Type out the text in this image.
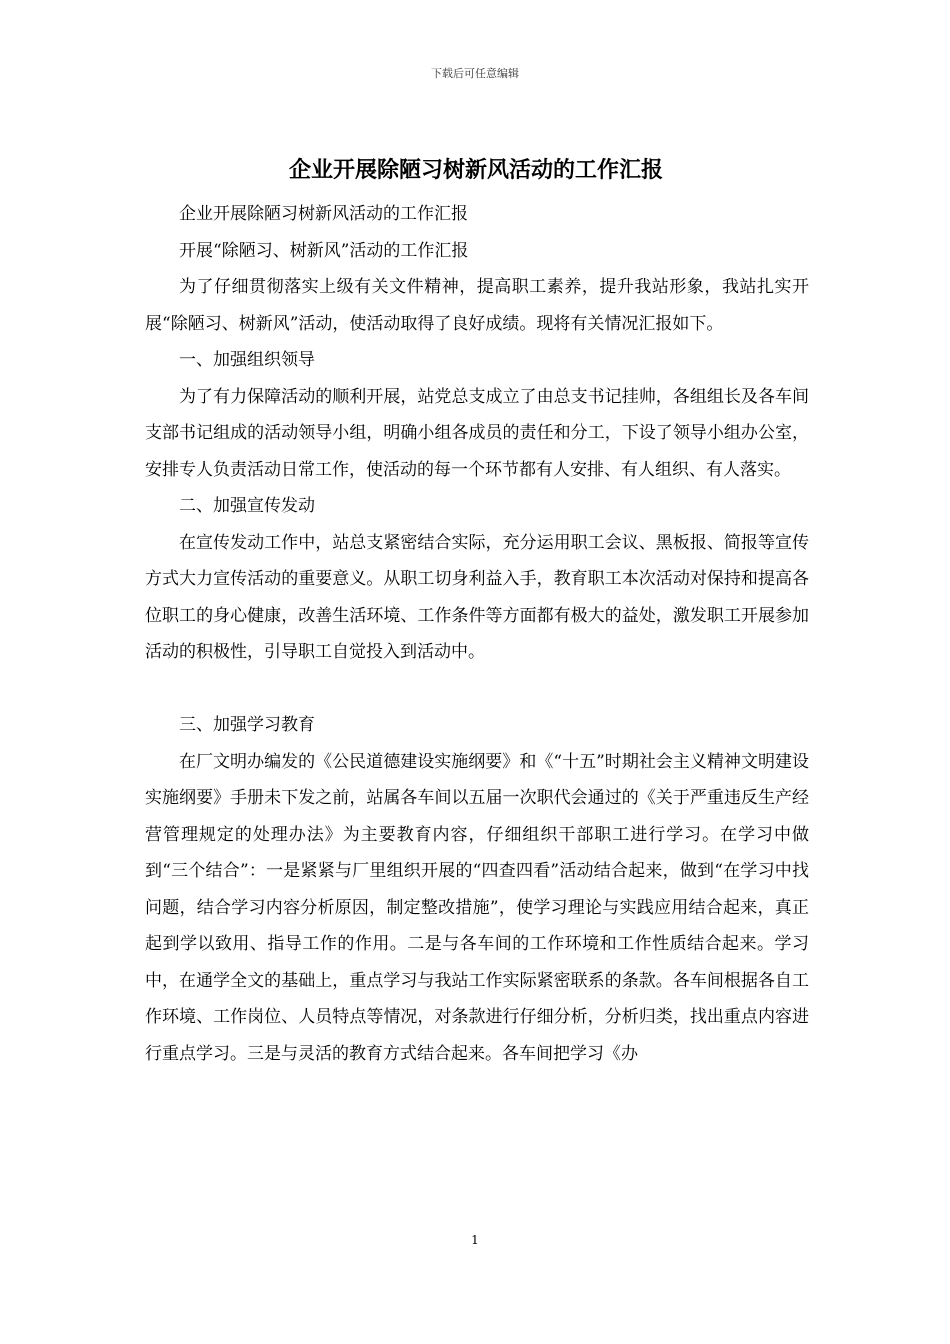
下载后可任意编辑
企业开展除陋习树新风活动的工作汇报

企业开展除陋习树新风活动的工作汇报

开展“除陋习、树新风”活动的工作汇报

为了仔细贯彻落实上级有关文件精神，提高职工素养，提升我站形象，我站扎实开展“除陋习、树新风”活动，使活动取得了良好成绩。现将有关情况汇报如下。

一、加强组织领导

为了有力保障活动的顺利开展，站党总支成立了由总支书记挂帅，各组组长及各车间支部书记组成的活动领导小组，明确小组各成员的责任和分工，下设了领导小组办公室，安排专人负责活动日常工作，使活动的每一个环节都有人安排、有人组织、有人落实。

二、加强宣传发动

在宣传发动工作中，站总支紧密结合实际，充分运用职工会议、黑板报、简报等宣传方式大力宣传活动的重要意义。从职工切身利益入手，教育职工本次活动对保持和提高各位职工的身心健康，改善生活环境、工作条件等方面都有极大的益处，激发职工开展参加活动的积极性，引导职工自觉投入到活动中。

三、加强学习教育

在厂文明办编发的《公民道德建设实施纲要》和《“十五”时期社会主义精神文明建设实施纲要》手册未下发之前，站属各车间以五届一次职代会通过的《关于严重违反生产经营管理规定的处理办法》为主要教育内容，仔细组织干部职工进行学习。在学习中做到“三个结合”：一是紧紧与厂里组织开展的“四查四看”活动结合起来，做到“在学习中找问题，结合学习内容分析原因，制定整改措施”，使学习理论与实践应用结合起来，真正起到学以致用、指导工作的作用。二是与各车间的工作环境和工作性质结合起来。学习中，在通学全文的基础上，重点学习与我站工作实际紧密联系的条款。各车间根据各自工作环境、工作岗位、人员特点等情况，对条款进行仔细分析，分析归类，找出重点内容进行重点学习。三是与灵活的教育方式结合起来。各车间把学习《办

1
